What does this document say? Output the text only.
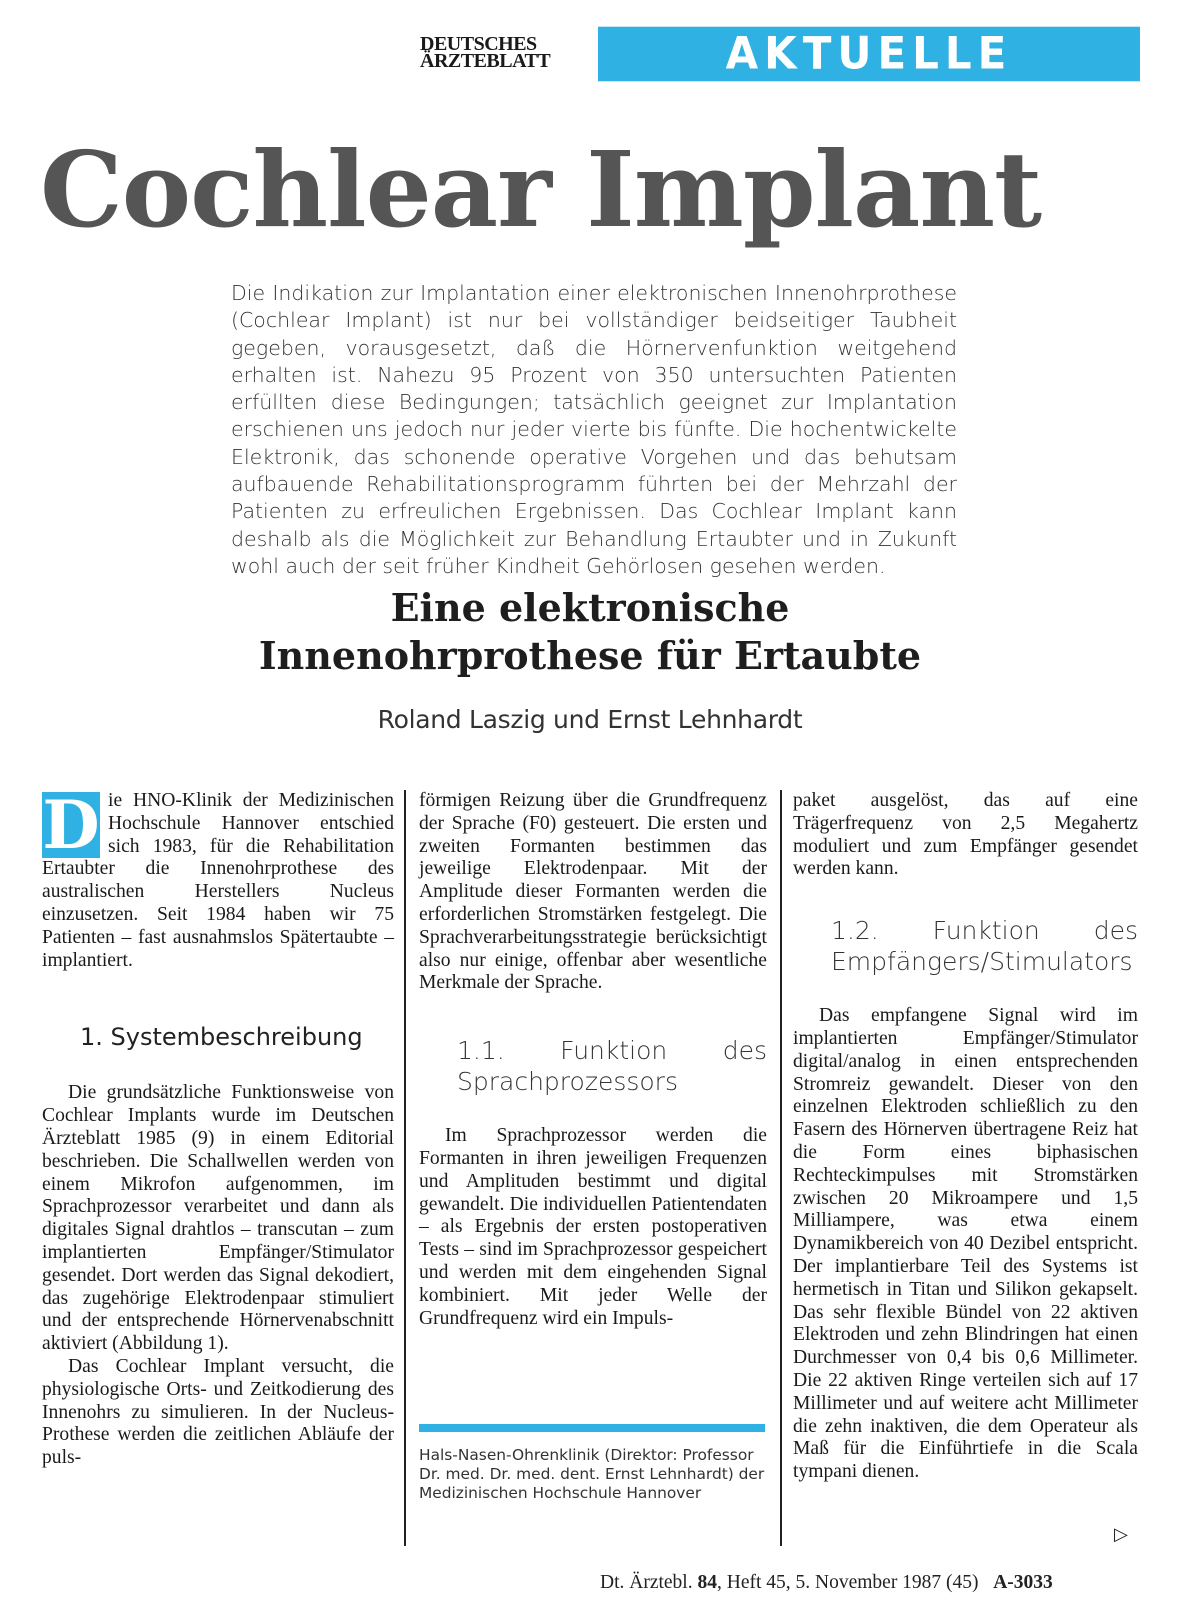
DEUTSCHES
ÄRZTEBLATT	AKTUELLE MEDIZIN
Cochlear Implant
Die Indikation zur Implantation einer elektronischen Innenohrprothese (Cochlear Implant) ist nur bei vollständiger beidseitiger Taubheit gegeben, vorausgesetzt, daß die Hörnervenfunktion weitgehend erhalten ist. Nahezu 95 Prozent von 350 untersuchten Patienten erfüllten diese Bedingungen; tatsächlich geeignet zur Implantation erschienen uns jedoch nur jeder vierte bis fünfte. Die hochentwickelte Elektronik, das schonende operative Vorgehen und das behutsam aufbauende Rehabilitationsprogramm führten bei der Mehrzahl der Patienten zu erfreulichen Ergebnissen. Das Cochlear Implant kann deshalb als die Möglichkeit zur Behandlung Ertaubter und in Zukunft wohl auch der seit früher Kindheit Gehörlosen gesehen werden.
Eine elektronische
Innenohrprothese für Ertaubte
Roland Laszig und Ernst Lehnhardt

D ie HNO-Klinik der Medizinischen Hochschule Hannover entschied sich 1983, für die Rehabilitation Ertaubter die Innenohrprothese des australischen Herstellers Nucleus einzusetzen. Seit 1984 haben wir 75 Patienten – fast ausnahmslos Spätertaubte – implantiert.

1. Systembeschreibung

Die grundsätzliche Funktionsweise von Cochlear Implants wurde im Deutschen Ärzteblatt 1985 (9) in einem Editorial beschrieben. Die Schallwellen werden von einem Mikrofon aufgenommen, im Sprachprozessor verarbeitet und dann als digitales Signal drahtlos – transcutan – zum implantierten Empfänger/Stimulator gesendet. Dort werden das Signal dekodiert, das zugehörige Elektrodenpaar stimuliert und der entsprechende Hörnervenabschnitt aktiviert (Abbildung 1).

Das Cochlear Implant versucht, die physiologische Orts- und Zeitkodierung des Innenohrs zu simulieren. In der Nucleus-Prothese werden die zeitlichen Abläufe der puls-

förmigen Reizung über die Grundfrequenz der Sprache (F0) gesteuert. Die ersten und zweiten Formanten bestimmen das jeweilige Elektrodenpaar. Mit der Amplitude dieser Formanten werden die erforderlichen Stromstärken festgelegt. Die Sprachverarbeitungsstrategie berücksichtigt also nur einige, offenbar aber wesentliche Merkmale der Sprache.

1.1. Funktion des Sprachprozessors

Im Sprachprozessor werden die Formanten in ihren jeweiligen Frequenzen und Amplituden bestimmt und digital gewandelt. Die individuellen Patientendaten – als Ergebnis der ersten postoperativen Tests – sind im Sprachprozessor gespeichert und werden mit dem eingehenden Signal kombiniert. Mit jeder Welle der Grundfrequenz wird ein Impuls-

Hals-Nasen-Ohrenklinik (Direktor: Professor Dr. med. Dr. med. dent. Ernst Lehnhardt) der Medizinischen Hochschule Hannover

paket ausgelöst, das auf eine Trägerfrequenz von 2,5 Megahertz moduliert und zum Empfänger gesendet werden kann.

1.2. Funktion des Empfängers/Stimulators

Das empfangene Signal wird im implantierten Empfänger/Stimulator digital/analog in einen entsprechenden Stromreiz gewandelt. Dieser von den einzelnen Elektroden schließlich zu den Fasern des Hörnerven übertragene Reiz hat die Form eines biphasischen Rechteckimpulses mit Stromstärken zwischen 20 Mikroampere und 1,5 Milliampere, was etwa einem Dynamikbereich von 40 Dezibel entspricht. Der implantierbare Teil des Systems ist hermetisch in Titan und Silikon gekapselt. Das sehr flexible Bündel von 22 aktiven Elektroden und zehn Blindringen hat einen Durchmesser von 0,4 bis 0,6 Millimeter. Die 22 aktiven Ringe verteilen sich auf 17 Millimeter und auf weitere acht Millimeter die zehn inaktiven, die dem Operateur als Maß für die Einführtiefe in die Scala tympani dienen.

▷
Dt. Ärztebl. 84, Heft 45, 5. November 1987 (45) A-3033
